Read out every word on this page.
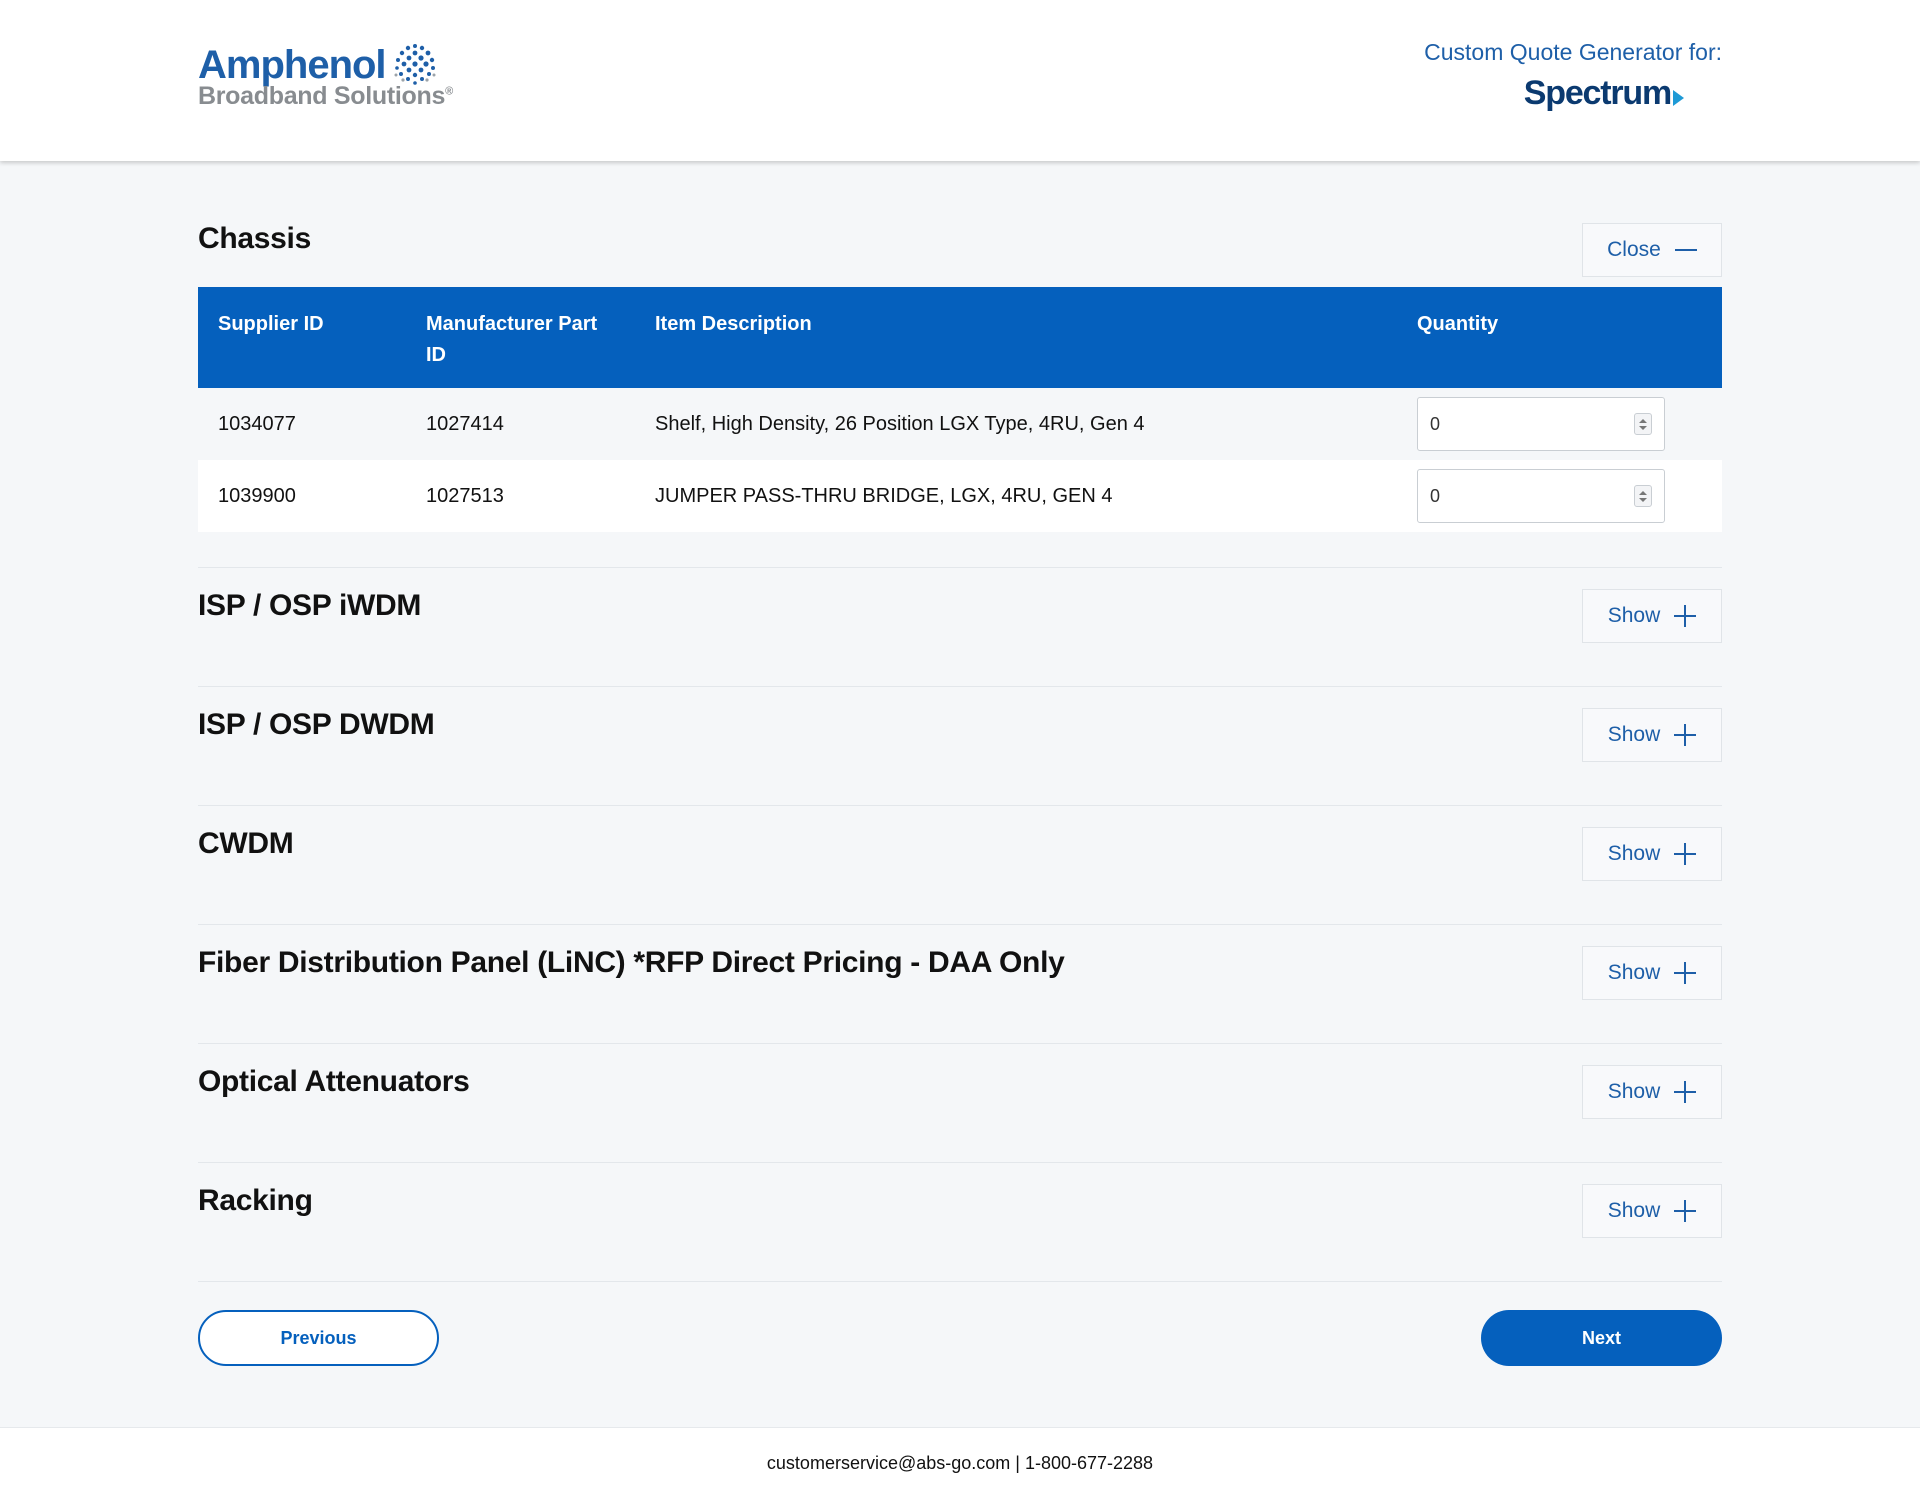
Amphenol
Broadband Solutions®
Custom Quote Generator for:
Spectrum
Chassis	Close
Supplier ID	Manufacturer Part ID	Item Description	Quantity
1034077	1027414	Shelf, High Density, 26 Position LGX Type, 4RU, Gen 4	0

1039900	1027513	JUMPER PASS-THRU BRIDGE, LGX, 4RU, GEN 4	0
ISP / OSP iWDM	Show
ISP / OSP DWDM	Show
CWDM	Show
Fiber Distribution Panel (LiNC) *RFP Direct Pricing - DAA Only	Show
Optical Attenuators	Show
Racking	Show
Previous	Next
customerservice@abs-go.com | 1-800-677-2288
